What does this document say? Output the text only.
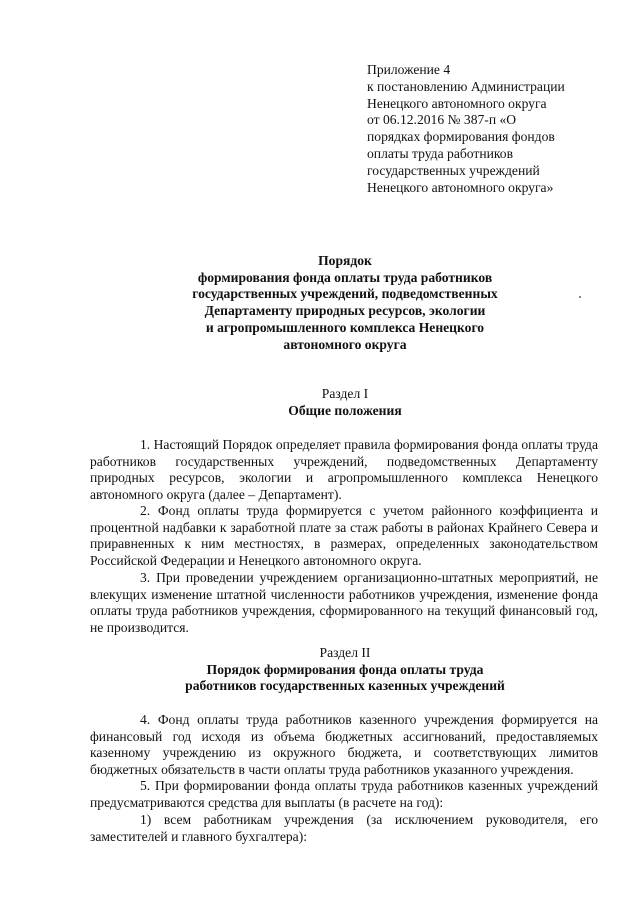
Приложение 4
к постановлению Администрации
Ненецкого автономного округа
от 06.12.2016 № 387-п «О
порядках формирования фондов
оплаты труда работников
государственных учреждений
Ненецкого автономного округа»
Порядок
формирования фонда оплаты труда работников
государственных учреждений, подведомственных
Департаменту природных ресурсов, экологии
и агропромышленного комплекса Ненецкого
автономного округа
Раздел I
Общие положения
1. Настоящий Порядок определяет правила формирования фонда оплаты труда работников государственных учреждений, подведомственных Департаменту природных ресурсов, экологии и агропромышленного комплекса Ненецкого автономного округа (далее – Департамент).
2. Фонд оплаты труда формируется с учетом районного коэффициента и процентной надбавки к заработной плате за стаж работы в районах Крайнего Севера и приравненных к ним местностях, в размерах, определенных законодательством Российской Федерации и Ненецкого автономного округа.
3. При проведении учреждением организационно-штатных мероприятий, не влекущих изменение штатной численности работников учреждения, изменение фонда оплаты труда работников учреждения, сформированного на текущий финансовый год, не производится.
Раздел II
Порядок формирования фонда оплаты труда
работников государственных казенных учреждений
4. Фонд оплаты труда работников казенного учреждения формируется на финансовый год исходя из объема бюджетных ассигнований, предоставляемых казенному учреждению из окружного бюджета, и соответствующих лимитов бюджетных обязательств в части оплаты труда работников указанного учреждения.
5. При формировании фонда оплаты труда работников казенных учреждений предусматриваются средства для выплаты (в расчете на год):
1) всем работникам учреждения (за исключением руководителя, его заместителей и главного бухгалтера):
